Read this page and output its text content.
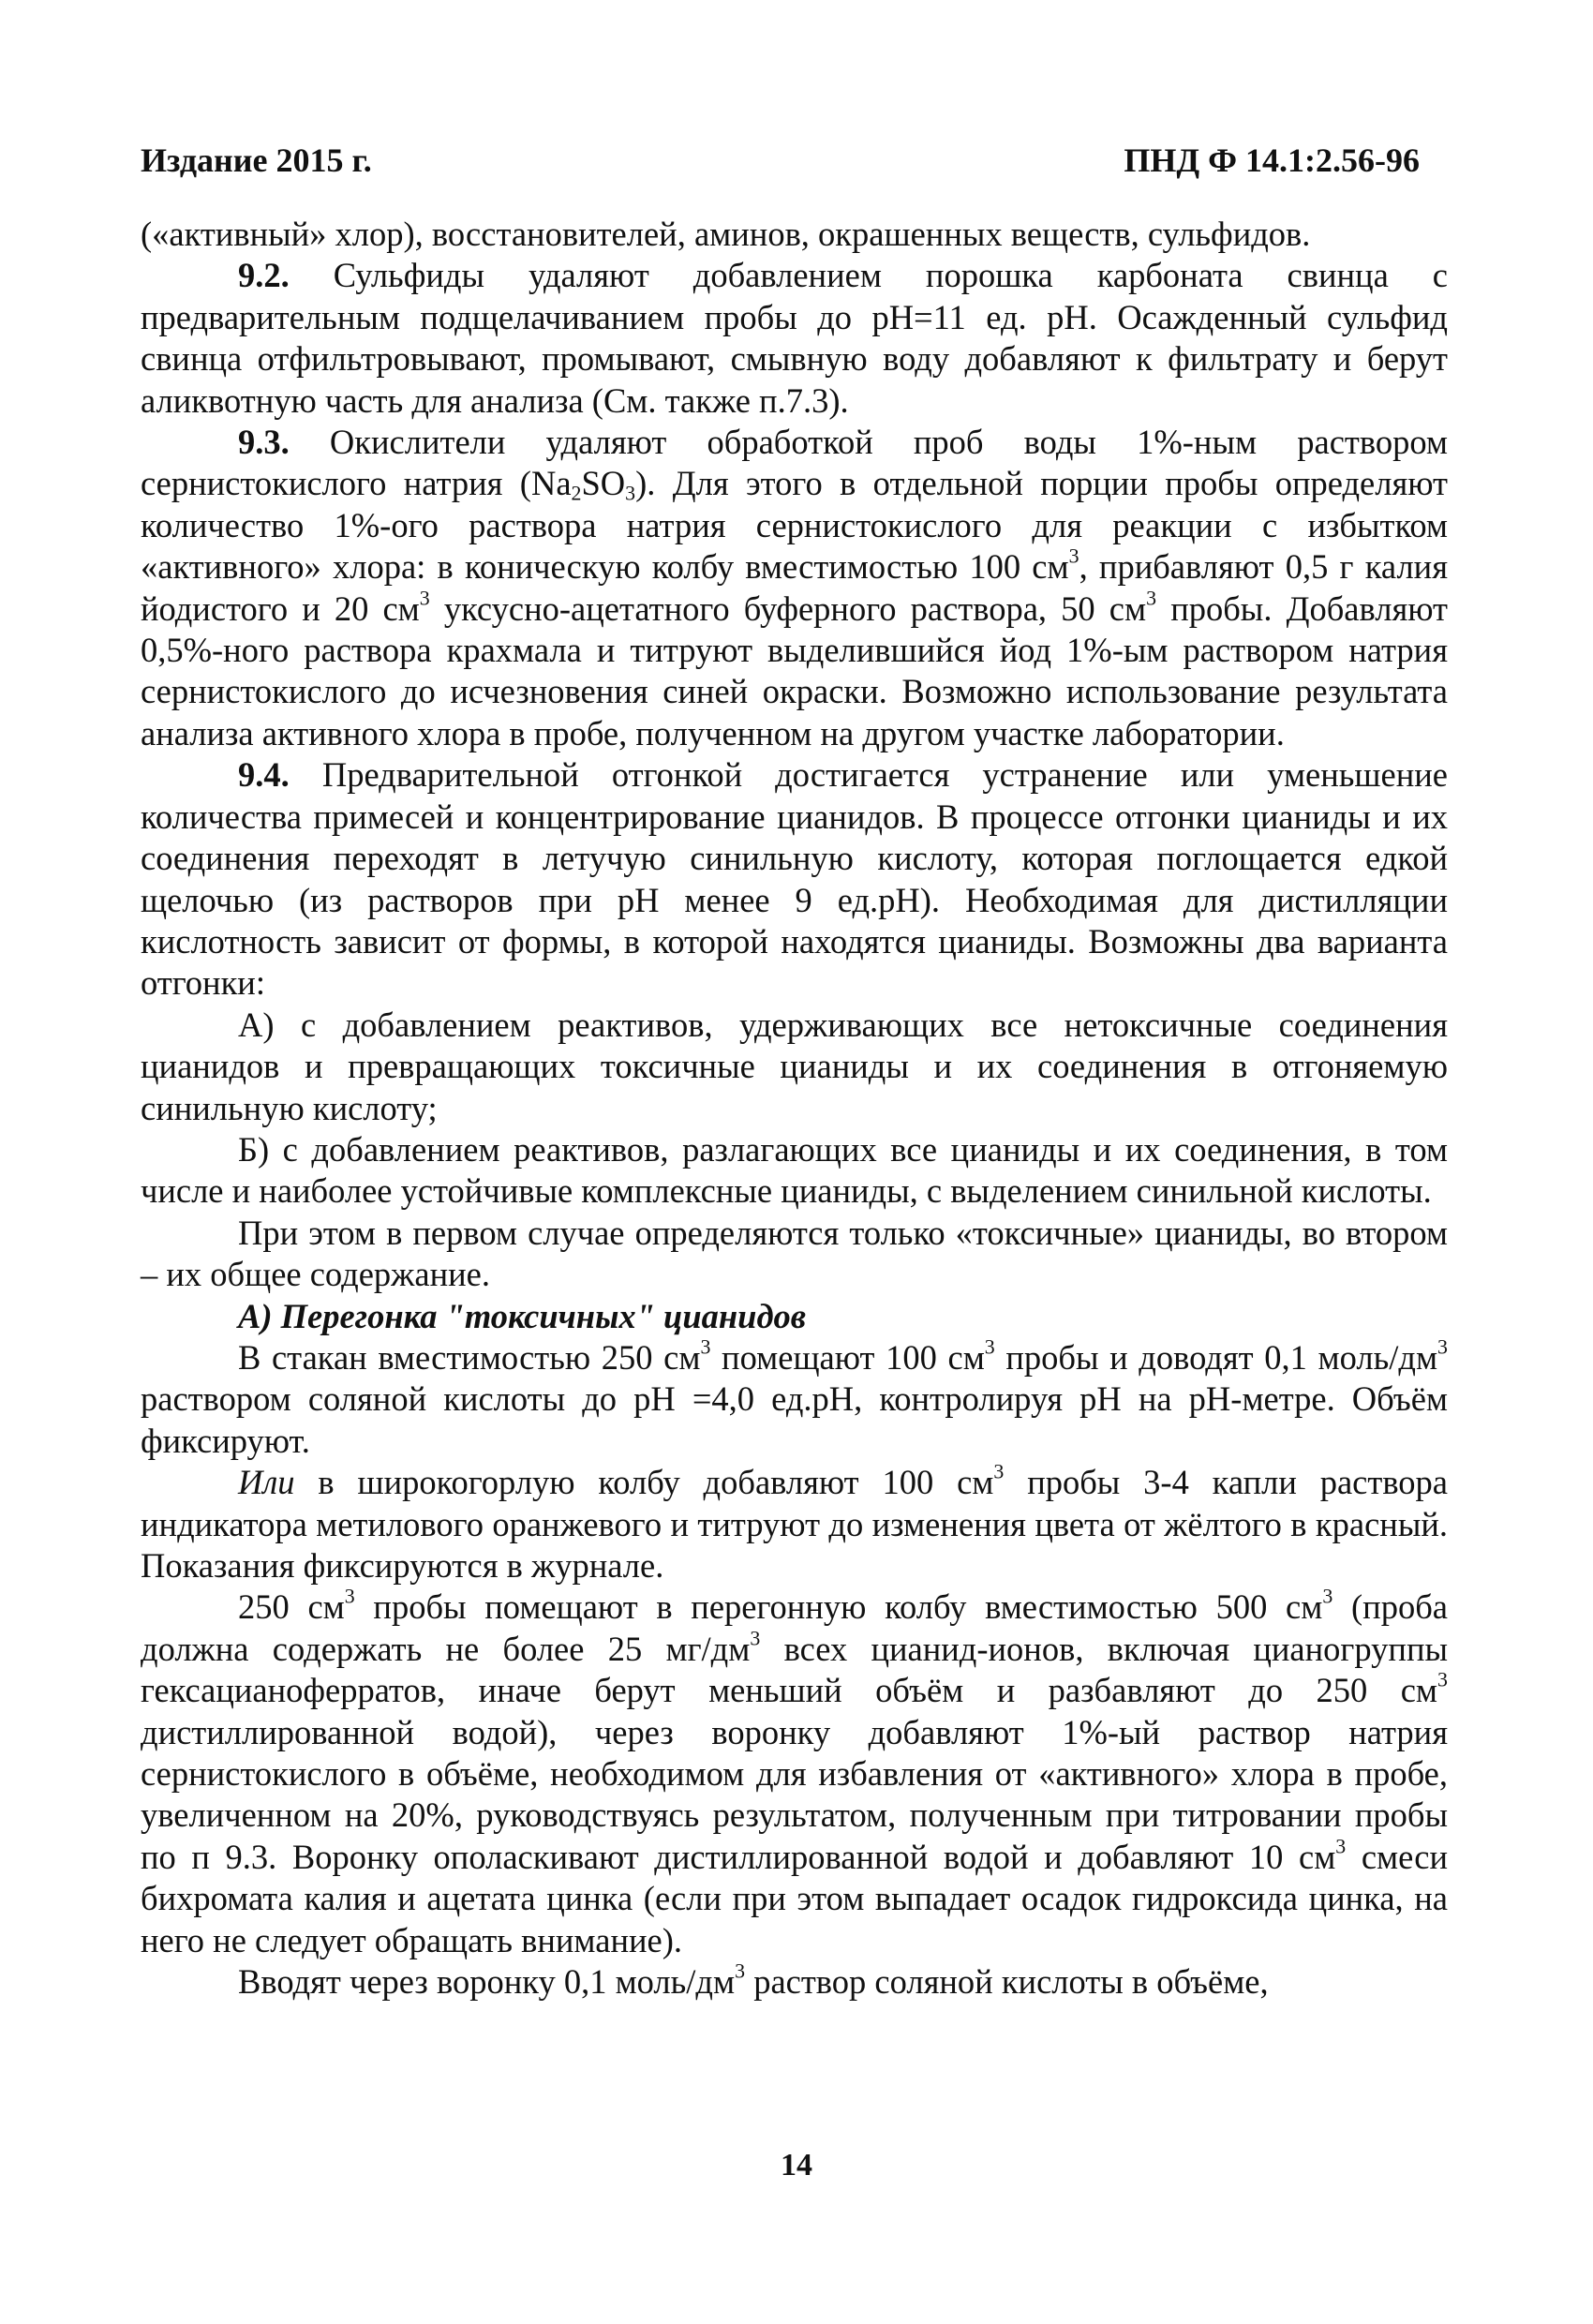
Издание 2015 г.	ПНД Ф 14.1:2.56-96

(«активный» хлор), восстановителей, аминов, окрашенных веществ, сульфидов.

9.2. Сульфиды удаляют добавлением порошка карбоната свинца с предварительным подщелачиванием пробы до рН=11 ед. рН. Осажденный сульфид свинца отфильтровывают, промывают, смывную воду добавляют к фильтрату и берут аликвотную часть для анализа (См. также п.7.3).

9.3. Окислители удаляют обработкой проб воды 1%-ным раствором сернистокислого натрия $(Na_2SO_3)$. Для этого в отдельной порции пробы определяют количество 1%-ого раствора натрия сернистокислого для реакции с избытком «активного» хлора: в коническую колбу вместимостью 100 $см^3$, прибавляют 0,5 г калия йодистого и 20 $см^3$ уксусно-ацетатного буферного раствора, 50 $см^3$ пробы. Добавляют 0,5%-ного раствора крахмала и титруют выделившийся йод 1%-ым раствором натрия сернистокислого до исчезновения синей окраски. Возможно использование результата анализа активного хлора в пробе, полученном на другом участке лаборатории.

9.4. Предварительной отгонкой достигается устранение или уменьшение количества примесей и концентрирование цианидов. В процессе отгонки цианиды и их соединения переходят в летучую синильную кислоту, которая поглощается едкой щелочью (из растворов при рН менее 9 ед.рН). Необходимая для дистилляции кислотность зависит от формы, в которой находятся цианиды. Возможны два варианта отгонки:

А) с добавлением реактивов, удерживающих все нетоксичные соединения цианидов и превращающих токсичные цианиды и их соединения в отгоняемую синильную кислоту;

Б) с добавлением реактивов, разлагающих все цианиды и их соединения, в том числе и наиболее устойчивые комплексные цианиды, с выделением синильной кислоты.

При этом в первом случае определяются только «токсичные» цианиды, во втором – их общее содержание.

А) Перегонка "токсичных" цианидов

В стакан вместимостью 250 $см^3$ помещают 100 $см^3$ пробы и доводят 0,1 моль/$дм^3$ раствором соляной кислоты до рН =4,0 ед.рН, контролируя рН на рН-метре. Объём фиксируют.

Или в широкогорлую колбу добавляют 100 $см^3$ пробы 3-4 капли раствора индикатора метилового оранжевого и титруют до изменения цвета от жёлтого в красный. Показания фиксируются в журнале.

250 $см^3$ пробы помещают в перегонную колбу вместимостью 500 $см^3$ (проба должна содержать не более 25 $мг/дм^3$ всех цианид-ионов, включая цианогруппы гексацианоферратов, иначе берут меньший объём и разбавляют до 250 $см^3$ дистиллированной водой), через воронку добавляют 1%-ый раствор натрия сернистокислого в объёме, необходимом для избавления от «активного» хлора в пробе, увеличенном на 20%, руководствуясь результатом, полученным при титровании пробы по п 9.3. Воронку ополаскивают дистиллированной водой и добавляют 10 $см^3$ смеси бихромата калия и ацетата цинка (если при этом выпадает осадок гидроксида цинка, на него не следует обращать внимание).

Вводят через воронку 0,1 моль/$дм^3$ раствор соляной кислоты в объёме,

14
